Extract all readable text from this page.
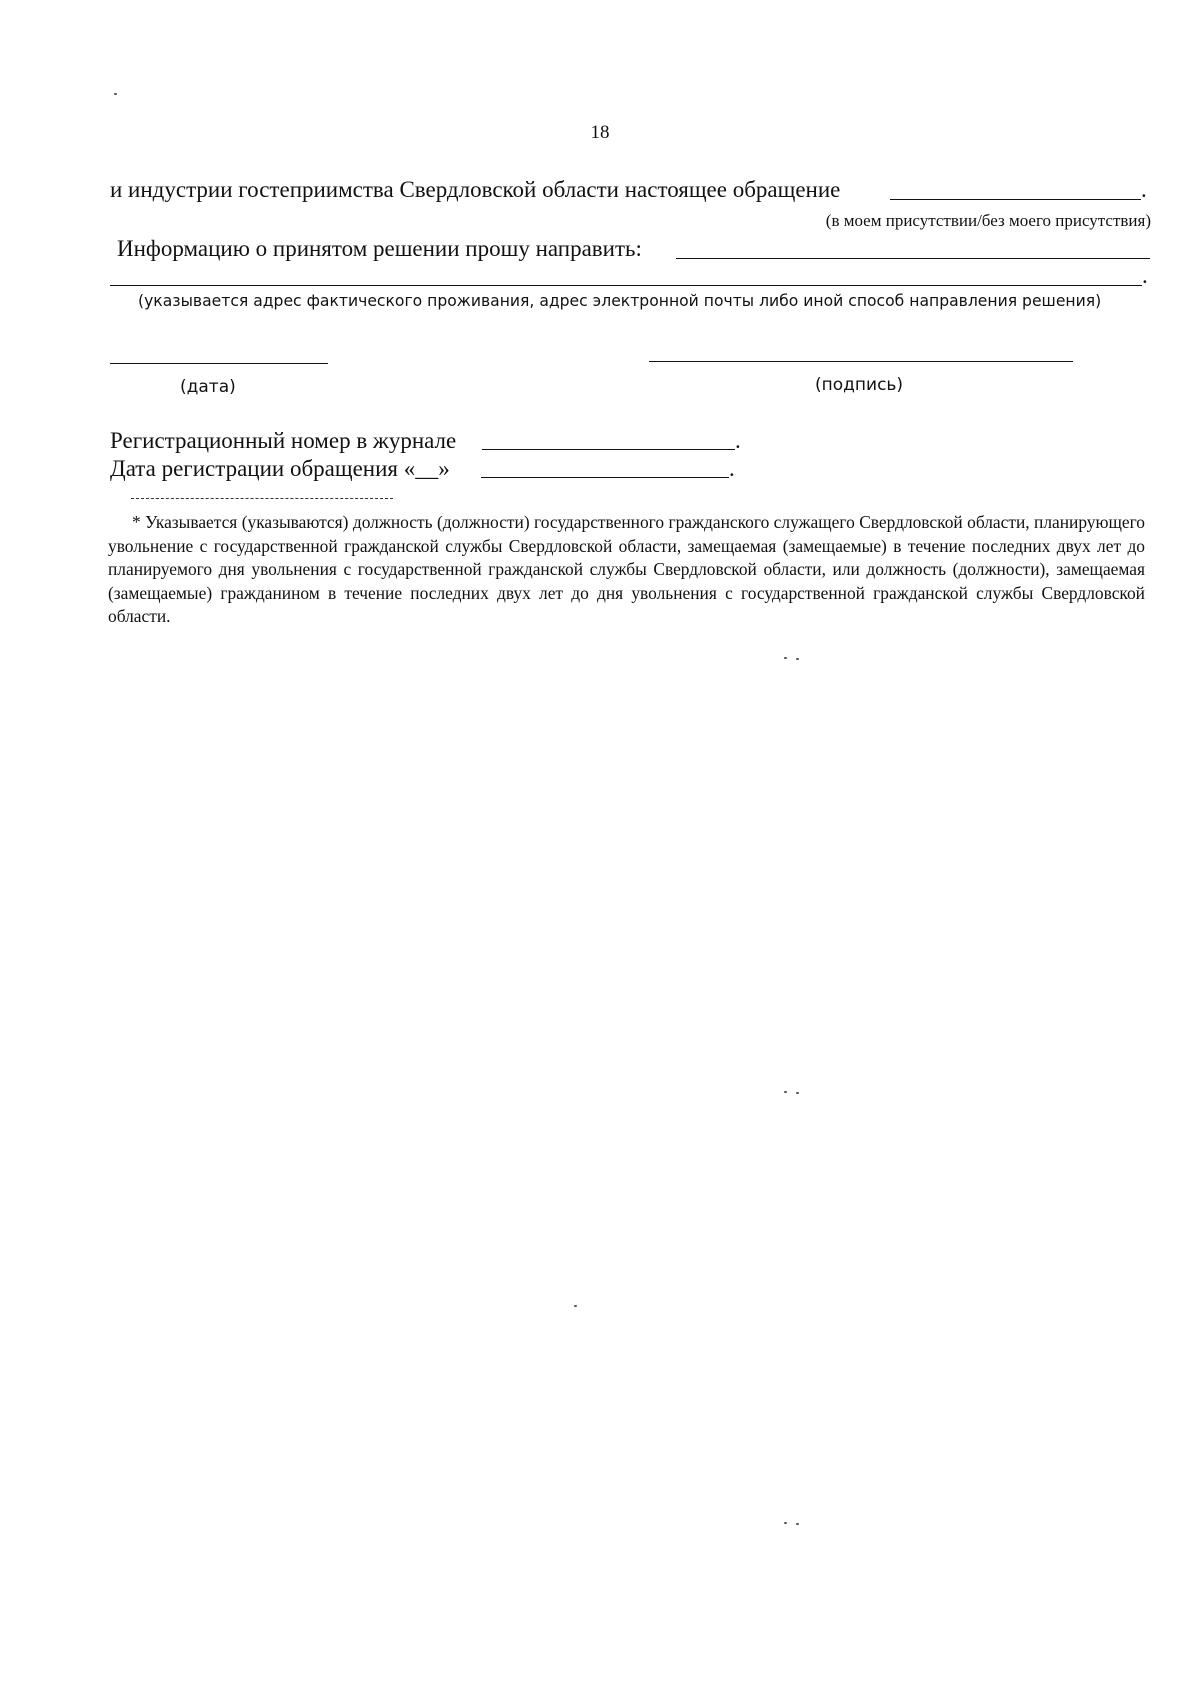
18
и индустрии гостеприимства Свердловской области настоящее обращение	.
(в моем присутствии/без моего присутствия)
Информацию о принятом решении прошу направить:
.
(указывается адрес фактического проживания, адрес электронной почты либо иной способ направления решения)
(дата)	(подпись)
Регистрационный номер в журнале	.
Дата регистрации обращения «__»	.
* Указывается (указываются) должность (должности) государственного гражданского служащего Свердловской области, планирующего увольнение с государственной гражданской службы Свердловской области, замещаемая (замещаемые) в течение последних двух лет до планируемого дня увольнения с государственной гражданской службы Свердловской области, или должность (должности), замещаемая (замещаемые) гражданином в течение последних двух лет до дня увольнения с государственной гражданской службы Свердловской области.
